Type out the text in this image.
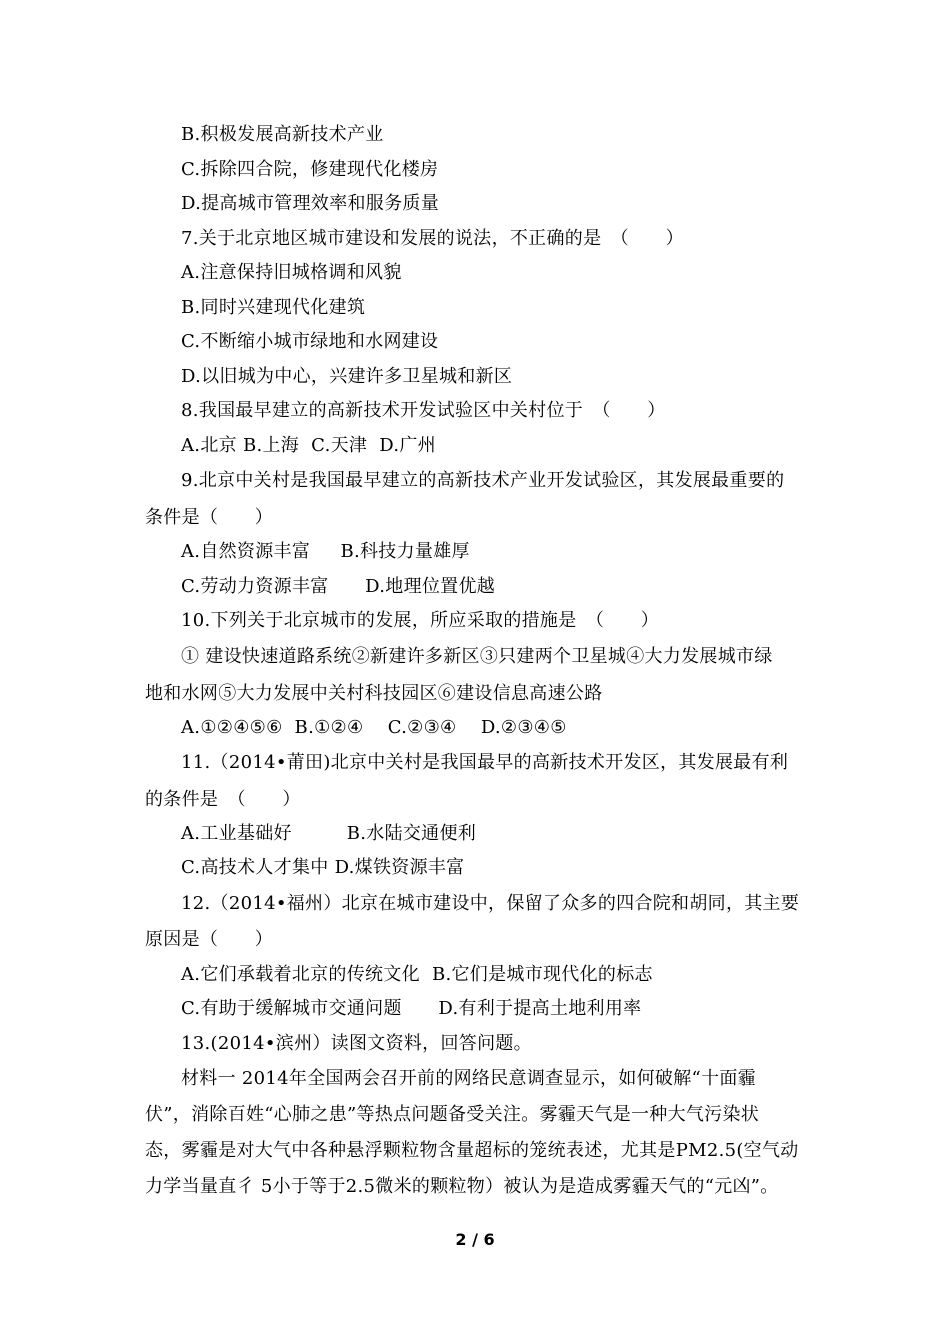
B.积极发展高新技术产业
C.拆除四合院，修建现代化楼房
D.提高城市管理效率和服务质量
7.关于北京地区城市建设和发展的说法，不正确的是　（　　）
A.注意保持旧城格调和风貌
B.同时兴建现代化建筑
C.不断缩小城市绿地和水网建设
D.以旧城为中心，兴建许多卫星城和新区
8.我国最早建立的高新技术开发试验区中关村位于　（　　）
A.北京 B.上海  C.天津  D.广州
9.北京中关村是我国最早建立的高新技术产业开发试验区，其发展最重要的
条件是（　　）
A.自然资源丰富　  B.科技力量雄厚
C.劳动力资源丰富　　D.地理位置优越
10.下列关于北京城市的发展，所应采取的措施是　（　　）
① 建设快速道路系统②新建许多新区③只建两个卫星城④大力发展城市绿
地和水网⑤大力发展中关村科技园区⑥建设信息高速公路
A.①②④⑤⑥  B.①②④　 C.②③④　 D.②③④⑤
11.（2014•莆田)北京中关村是我国最早的高新技术开发区，其发展最有利
的条件是　（　　）
A.工业基础好　　　B.水陆交通便利
C.高技术人才集中 D.煤铁资源丰富
12.（2014•福州）北京在城市建设中，保留了众多的四合院和胡同，其主要
原因是（　　）
A.它们承载着北京的传统文化  B.它们是城市现代化的标志
C.有助于缓解城市交通问题　　D.有利于提高土地利用率
13.(2014•滨州）读图文资料，回答问题。
材料一 2014年全国两会召开前的网络民意调查显示，如何破解“十面霾
伏”，消除百姓“心肺之患”等热点问题备受关注。雾霾天气是一种大气污染状
态，雾霾是对大气中各种悬浮颗粒物含量超标的笼统表述，尤其是PM2.5(空气动
力学当量直彳 5小于等于2.5微米的颗粒物）被认为是造成雾霾天气的“元凶”。
2 / 6
